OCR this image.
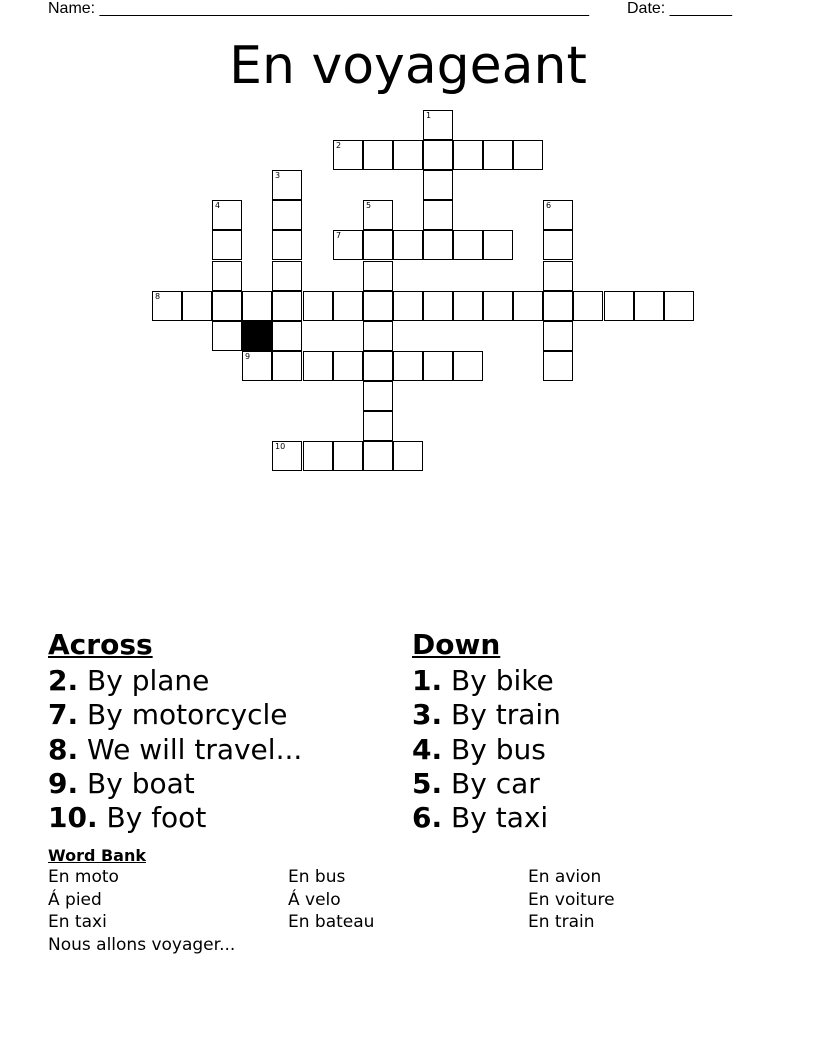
Name: _______________________________________________________ Date: _______
En voyageant
1
2
3
4	5	6
7
8
9
10
Across
2. By plane
7. By motorcycle
8. We will travel...
9. By boat
10. By foot
Down
1. By bike
3. By train
4. By bus
5. By car
6. By taxi
Word Bank
En moto	En bus	En avion
Á pied	Á velo	En voiture
En taxi	En bateau	En train
Nous allons voyager...
